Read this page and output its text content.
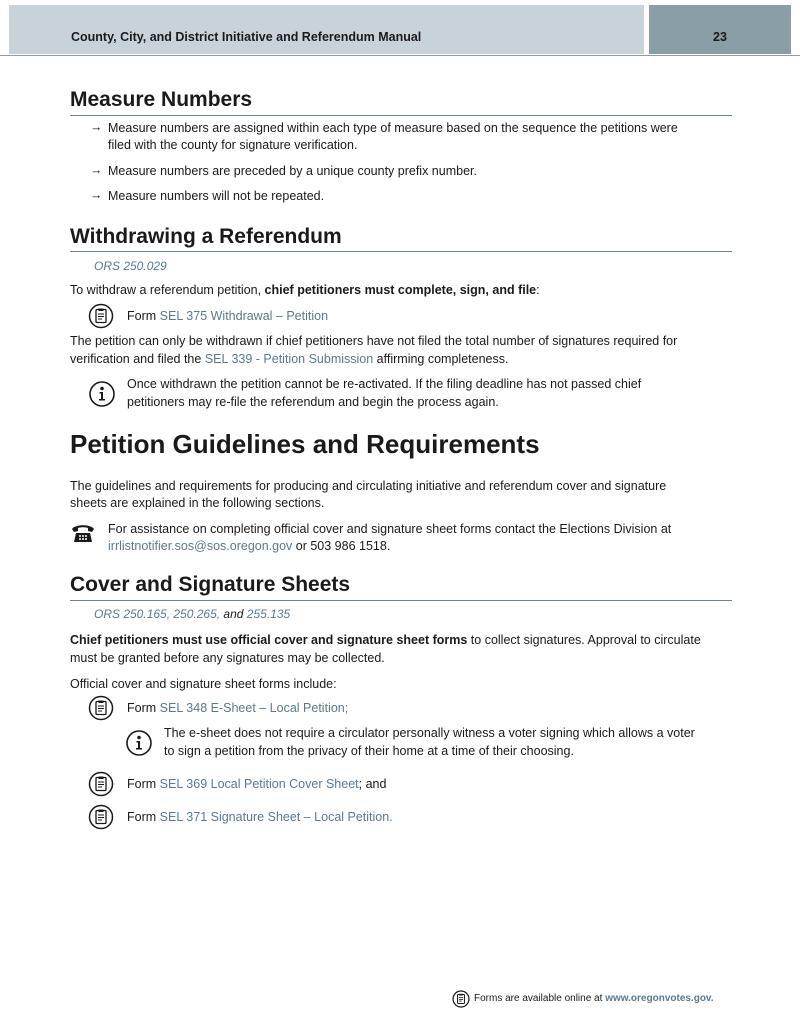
County, City, and District Initiative and Referendum Manual	23
Measure Numbers
→ Measure numbers are assigned within each type of measure based on the sequence the petitions were
filed with the county for signature verification.
→ Measure numbers are preceded by a unique county prefix number.
→ Measure numbers will not be repeated.
Withdrawing a Referendum
ORS 250.029
To withdraw a referendum petition, chief petitioners must complete, sign, and file:
Form SEL 375 Withdrawal – Petition
The petition can only be withdrawn if chief petitioners have not filed the total number of signatures required for
verification and filed the SEL 339 - Petition Submission affirming completeness.
Once withdrawn the petition cannot be re-activated. If the filing deadline has not passed chief
petitioners may re-file the referendum and begin the process again.
Petition Guidelines and Requirements
The guidelines and requirements for producing and circulating initiative and referendum cover and signature
sheets are explained in the following sections.
For assistance on completing official cover and signature sheet forms contact the Elections Division at
irrlistnotifier.sos@sos.oregon.gov or 503 986 1518.
Cover and Signature Sheets
ORS 250.165, 250.265, and 255.135
Chief petitioners must use official cover and signature sheet forms to collect signatures. Approval to circulate
must be granted before any signatures may be collected.
Official cover and signature sheet forms include:
Form SEL 348 E-Sheet – Local Petition;
The e-sheet does not require a circulator personally witness a voter signing which allows a voter
to sign a petition from the privacy of their home at a time of their choosing.
Form SEL 369 Local Petition Cover Sheet; and
Form SEL 371 Signature Sheet – Local Petition.
Forms are available online at www.oregonvotes.gov.
